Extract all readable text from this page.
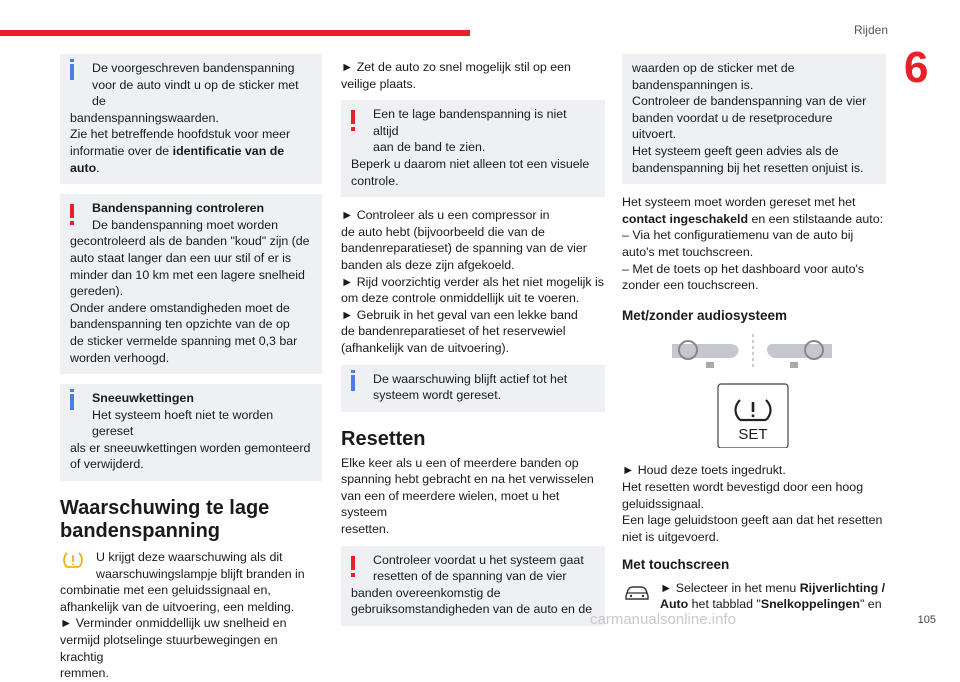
Rijden
6

De voorgeschreven bandenspanning

voor de auto vindt u op de sticker met de

bandenspanningswaarden.

Zie het betreffende hoofdstuk voor meer

informatie over de identificatie van de auto.

Bandenspanning controleren

De bandenspanning moet worden

gecontroleerd als de banden "koud" zijn (de

auto staat langer dan een uur stil of er is

minder dan 10 km met een lagere snelheid

gereden).

Onder andere omstandigheden moet de

bandenspanning ten opzichte van de op

de sticker vermelde spanning met 0,3 bar

worden verhoogd.

Sneeuwkettingen

Het systeem hoeft niet te worden gereset

als er sneeuwkettingen worden gemonteerd

of verwijderd.

Waarschuwing te lage
bandenspanning

U krijgt deze waarschuwing als dit

waarschuwingslampje blijft branden in

combinatie met een geluidssignaal en,

afhankelijk van de uitvoering, een melding.

► Verminder onmiddellijk uw snelheid en

vermijd plotselinge stuurbewegingen en krachtig

remmen.

► Zet de auto zo snel mogelijk stil op een

veilige plaats.

Een te lage bandenspanning is niet altijd

aan de band te zien.

Beperk u daarom niet alleen tot een visuele

controle.

► Controleer als u een compressor in

de auto hebt (bijvoorbeeld die van de

bandenreparatieset) de spanning van de vier

banden als deze zijn afgekoeld.

► Rijd voorzichtig verder als het niet mogelijk is

om deze controle onmiddellijk uit te voeren.

► Gebruik in het geval van een lekke band

de bandenreparatieset of het reservewiel

(afhankelijk van de uitvoering).

De waarschuwing blijft actief tot het

systeem wordt gereset.

Resetten

Elke keer als u een of meerdere banden op

spanning hebt gebracht en na het verwisselen

van een of meerdere wielen, moet u het systeem

resetten.

Controleer voordat u het systeem gaat

resetten of de spanning van de vier

banden overeenkomstig de

gebruiksomstandigheden van de auto en de

waarden op de sticker met de

bandenspanningen is.

Controleer de bandenspanning van de vier

banden voordat u de resetprocedure uitvoert.

Het systeem geeft geen advies als de

bandenspanning bij het resetten onjuist is.

Het systeem moet worden gereset met het

contact ingeschakeld en een stilstaande auto:

– Via het configuratiemenu van de auto bij

auto's met touchscreen.

– Met de toets op het dashboard voor auto's

zonder een touchscreen.

Met/zonder audiosysteem
SET

► Houd deze toets ingedrukt.

Het resetten wordt bevestigd door een hoog

geluidssignaal.

Een lage geluidstoon geeft aan dat het resetten

niet is uitgevoerd.

Met touchscreen

► Selecteer in het menu Rijverlichting /

Auto het tabblad "Snelkoppelingen" en

carmanualsonline.info	105
